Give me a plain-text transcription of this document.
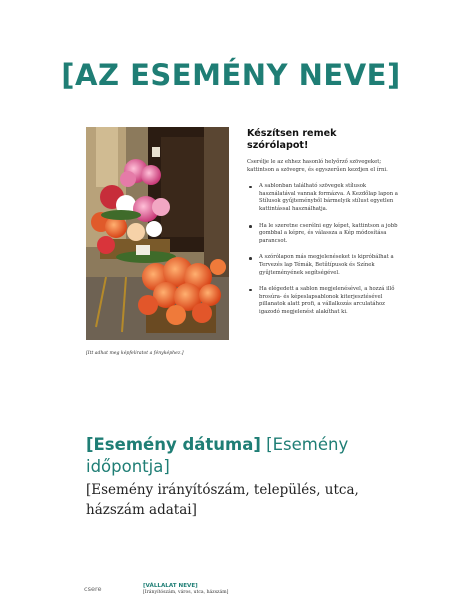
[AZ ESEMÉNY NEVE]
[Itt adhat meg képfeliratot a fényképhez.]
Készítsen remek
szórólapot!

Cserélje le az ehhez hasonló helyőrző szövegeket; kattintson a szövegre, és egyszerűen kezdjen el írni.

A sablonban található szövegek stílusok használatával vannak formázva. A Kezdőlap lapon a Stílusok gyűjteményből bármelyik stílust egyetlen kattintással használhatja.
Ha le szeretne cserélni egy képet, kattintson a jobb gombbal a képre, és válassza a Kép módosítása parancsot.
A szórólapon más megjelenéseket is kipróbálhat a Tervezés lap Témák, Betűtípusok és Színek gyűjteményének segítségével.
Ha elégedett a sablon megjelenésével, a hozzá illő brosúra- és képeslapsablonok kiterjesztésével pillanatok alatt profi, a vállalkozás arculatához igazodó megjelenést alakíthat ki.
[Esemény dátuma] [Esemény időpontja]
[Esemény irányítószám, település, utca, házszám adatai]
csere	[VÁLLALAT NEVE]
[Irányítószám, város, utca, házszám]
